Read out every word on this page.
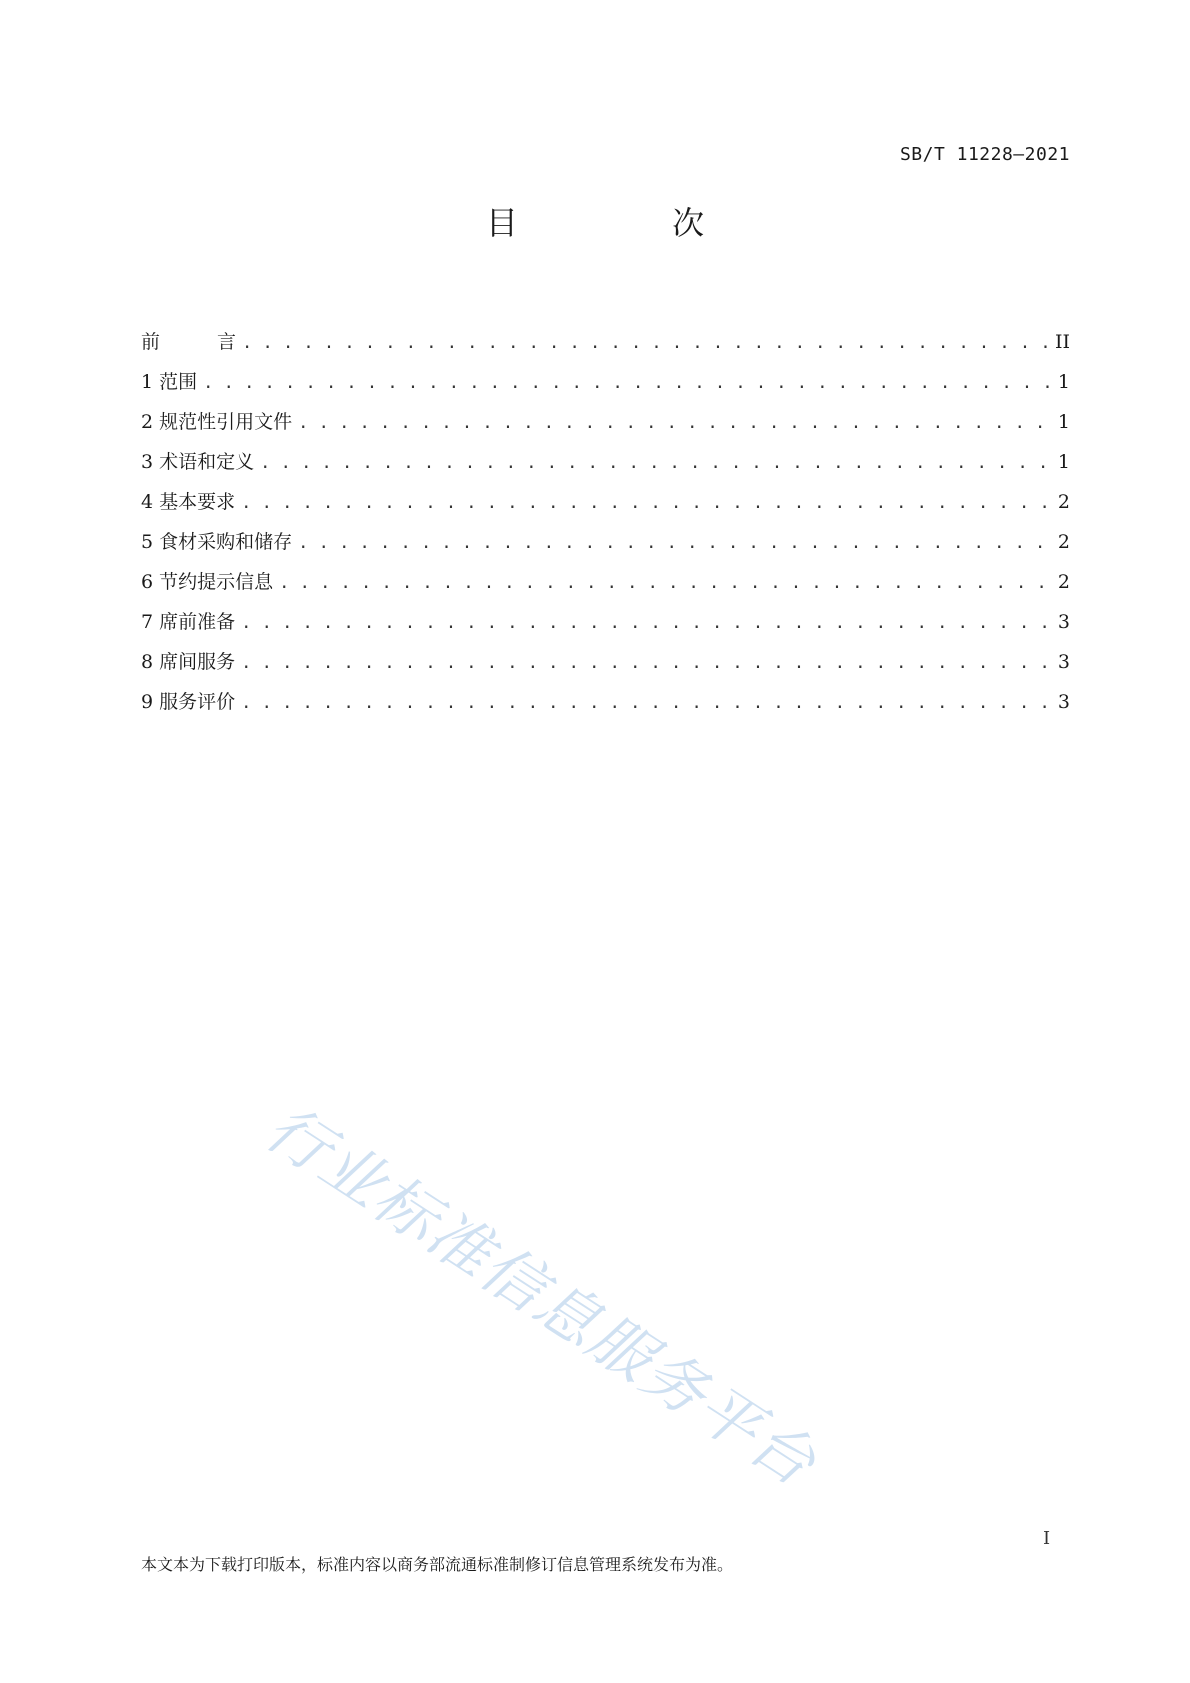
SB/T 11228—2021
目 次
前　　　言 . . .	II
1 范围 . . .	1
2 规范性引用文件 . . .	1
3 术语和定义 . . .	1
4 基本要求 . . .	2
5 食材采购和储存 . . .	2
6 节约提示信息 . . .	2
7 席前准备 . . .	3
8 席间服务 . . .	3
9 服务评价 . . .	3
行业标准信息服务平台
I
本文本为下载打印版本，标准内容以商务部流通标准制修订信息管理系统发布为准。
